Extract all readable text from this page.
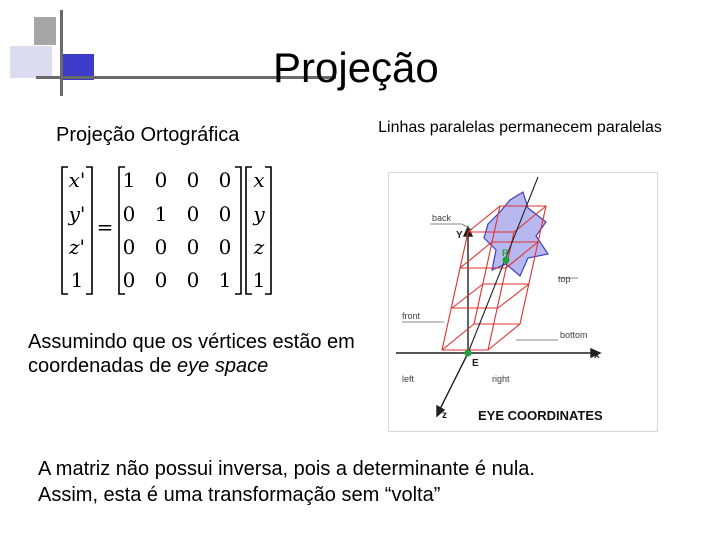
Projeção
Projeção Ortográfica	Linhas paralelas permanecem paralelas
x'
y'
z'
1
=
1 0 0 0
0 1 0 0
0 0 0 0
0 0 0 1
x
y
z
1
Assumindo que os vértices estão em coordenadas de eye space
A matriz não possui inversa, pois a determinante é nula.
Assim, esta é uma transformação sem “volta”
back
top
front
bottom
left	right
x
Y
z
E
R
EYE COORDINATES
